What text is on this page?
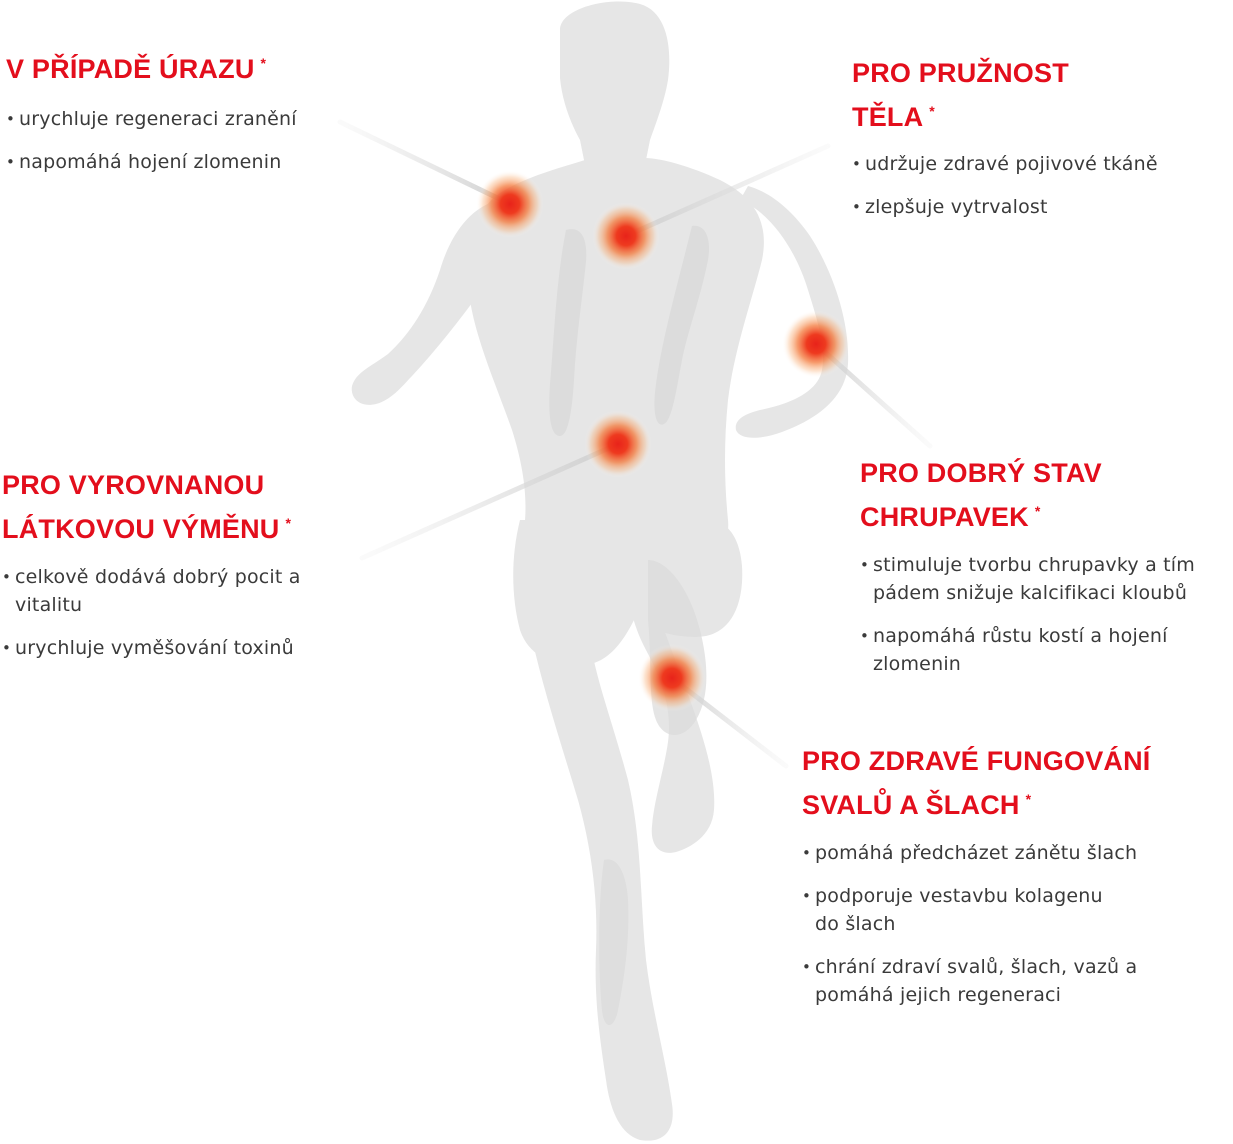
V PŘÍPADĚ ÚRAZU *
• urychluje regeneraci zranění
• napomáhá hojení zlomenin
PRO PRUŽNOST
TĚLA *
• udržuje zdravé pojivové tkáně
• zlepšuje vytrvalost
PRO VYROVNANOU
LÁTKOVOU VÝMĚNU *
• celkově dodává dobrý pocit a
vitalitu
• urychluje vyměšování toxinů
PRO DOBRÝ STAV
CHRUPAVEK *
• stimuluje tvorbu chrupavky a tím
pádem snižuje kalcifikaci kloubů
• napomáhá růstu kostí a hojení
zlomenin
PRO ZDRAVÉ FUNGOVÁNÍ
SVALŮ A ŠLACH *
• pomáhá předcházet zánětu šlach
• podporuje vestavbu kolagenu
do šlach
• chrání zdraví svalů, šlach, vazů a
pomáhá jejich regeneraci
